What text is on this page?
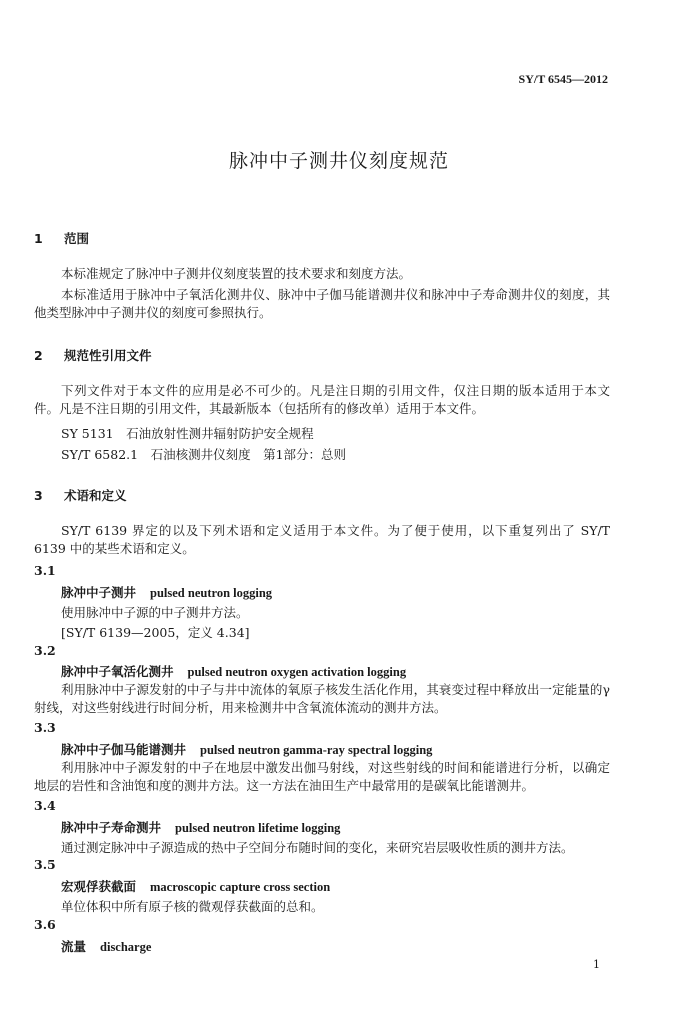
SY/T 6545—2012
脉冲中子测井仪刻度规范
1 范围
本标准规定了脉冲中子测井仪刻度装置的技术要求和刻度方法。
本标准适用于脉冲中子氧活化测井仪、脉冲中子伽马能谱测井仪和脉冲中子寿命测井仪的刻度，其他类型脉冲中子测井仪的刻度可参照执行。
2 规范性引用文件
下列文件对于本文件的应用是必不可少的。凡是注日期的引用文件，仅注日期的版本适用于本文件。凡是不注日期的引用文件，其最新版本（包括所有的修改单）适用于本文件。
SY 5131　石油放射性测井辐射防护安全规程
SY/T 6582.1　石油核测井仪刻度　第1部分：总则
3 术语和定义
SY/T 6139 界定的以及下列术语和定义适用于本文件。为了便于使用，以下重复列出了 SY/T 6139 中的某些术语和定义。
3.1
脉冲中子测井 pulsed neutron logging
使用脉冲中子源的中子测井方法。
[SY/T 6139—2005，定义 4.34]
3.2
脉冲中子氧活化测井 pulsed neutron oxygen activation logging
利用脉冲中子源发射的中子与井中流体的氧原子核发生活化作用，其衰变过程中释放出一定能量的γ射线，对这些射线进行时间分析，用来检测井中含氧流体流动的测井方法。
3.3
脉冲中子伽马能谱测井 pulsed neutron gamma-ray spectral logging
利用脉冲中子源发射的中子在地层中激发出伽马射线，对这些射线的时间和能谱进行分析，以确定地层的岩性和含油饱和度的测井方法。这一方法在油田生产中最常用的是碳氧比能谱测井。
3.4
脉冲中子寿命测井 pulsed neutron lifetime logging
通过测定脉冲中子源造成的热中子空间分布随时间的变化，来研究岩层吸收性质的测井方法。
3.5
宏观俘获截面 macroscopic capture cross section
单位体积中所有原子核的微观俘获截面的总和。
3.6
流量 discharge
1
